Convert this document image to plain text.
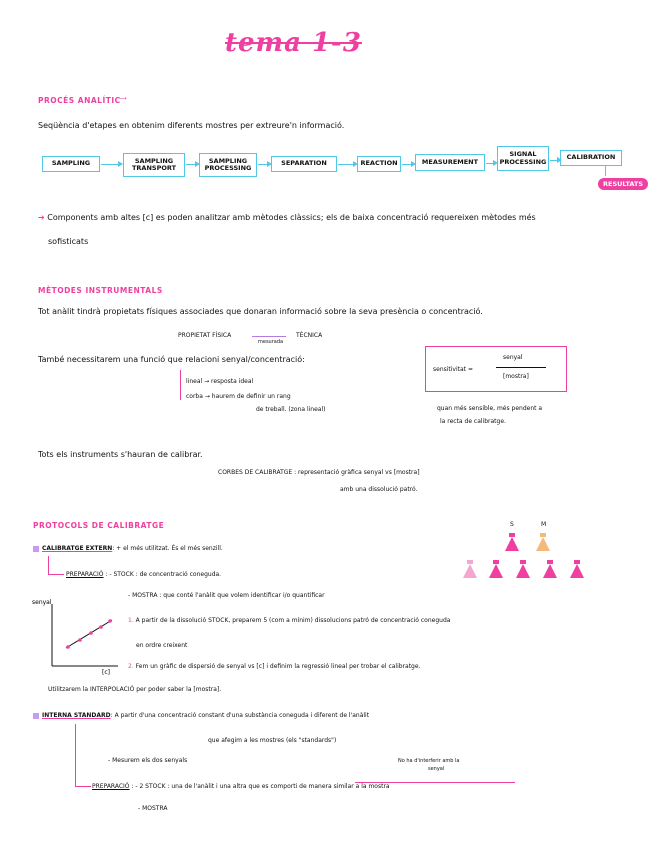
tema 1-3
PROCÉS ANALÍTIC
⟶
Seqüència d'etapes en obtenim diferents mostres per extreure'n informació.
SAMPLING	SAMPLING TRANSPORT
SAMPLING PROCESSING
SEPARATION	REACTION	MEASUREMENT
SIGNAL PROCESSING
CALIBRATION
RESULTATS
➔ Components amb altes [c] es poden analitzar amb mètodes clàssics; els de baixa concentració requereixen mètodes més
sofisticats
MÈTODES INSTRUMENTALS
Tot anàlit tindrà propietats físiques associades que donaran informació sobre la seva presència o concentració.
PROPIETAT FÍSICA
mesurada
TÈCNICA
També necessitarem una funció que relacioni senyal/concentració:
lineal → resposta ideal
corba → haurem de definir un rang
de treball. (zona lineal)
sensitivitat =
senyal
[mostra]
quan més sensible, més pendent a
la recta de calibratge.
Tots els instruments s'hauran de calibrar.
CORBES DE CALIBRATGE : representació gràfica senyal vs [mostra]
amb una dissolució patró.
PROTOCOLS DE CALIBRATGE
CALIBRATGE EXTERN: + el més utilitzat. És el més senzill.
PREPARACIÓ : - STOCK : de concentració coneguda.
- MOSTRA : que conté l'anàlit que volem identificar i/o quantificar
senyal
[c]
1. A partir de la dissolució STOCK, preparem 5 (com a mínim) dissolucions patró de concentració coneguda
en ordre creixent
2. Fem un gràfic de dispersió de senyal vs [c] i definim la regressió lineal per trobar el calibratge.
Utilitzarem la INTERPOLACIÓ per poder saber la [mostra].
S	M
INTERNA STANDARD: A partir d'una concentració constant d'una substància coneguda i diferent de l'anàlit
que afegim a les mostres (els "standards")
- Mesurem els dos senyals	No ha d'interferir amb la
senyal
PREPARACIÓ : - 2 STOCK : una de l'anàlit i una altra que es comporti de manera similar a la mostra
- MOSTRA
